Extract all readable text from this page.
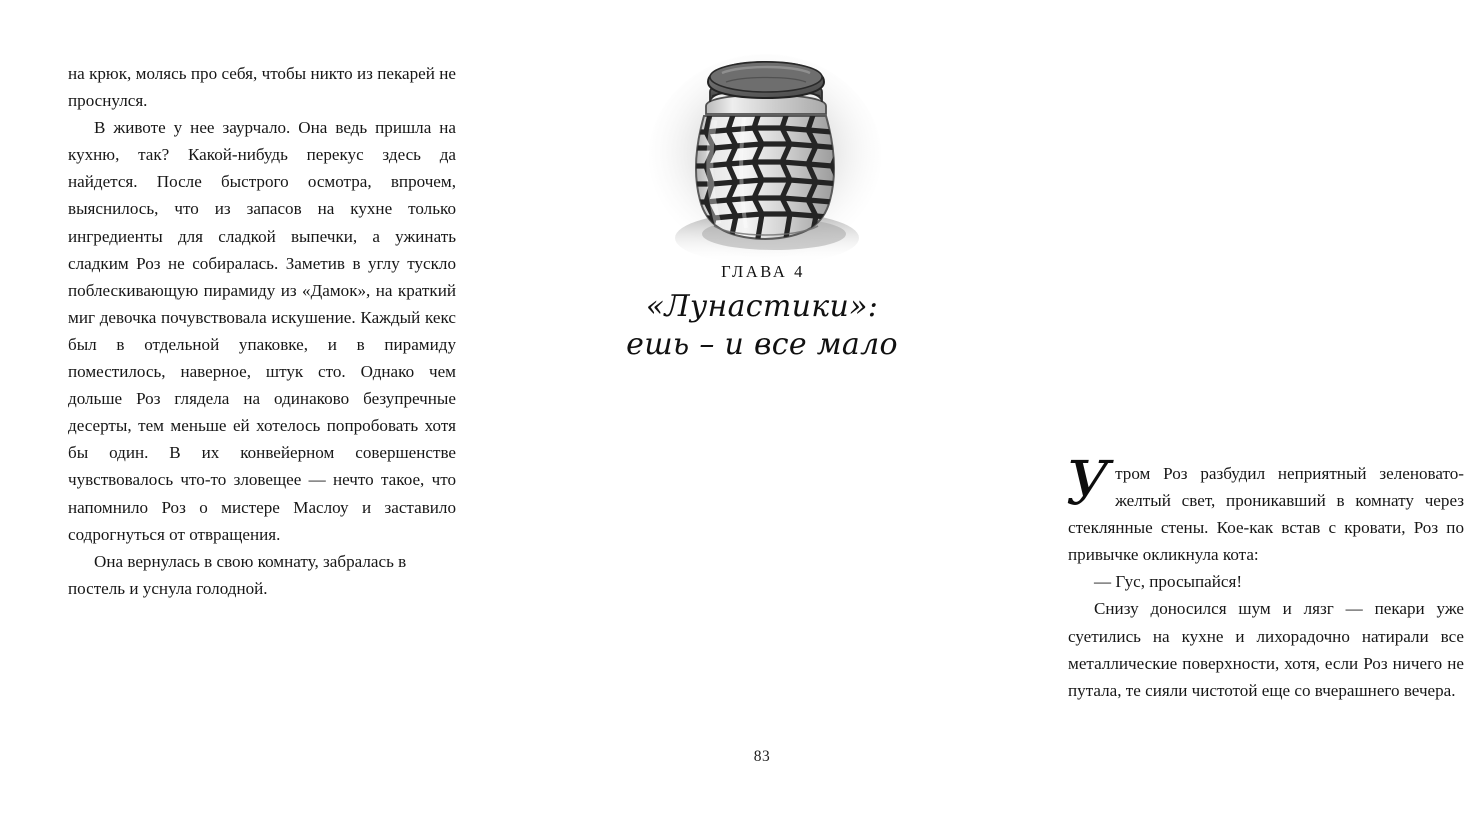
на крюк, молясь про себя, чтобы никто из пекарей не проснулся.

В животе у нее заурчало. Она ведь пришла на кухню, так? Какой-нибудь перекус здесь да найдется. После быстрого осмотра, впрочем, выяснилось, что из запасов на кухне только ингредиенты для сладкой выпечки, а ужинать сладким Роз не собиралась. Заметив в углу тускло поблескивающую пирамиду из «Дамок», на краткий миг девочка почувствовала искушение. Каждый кекс был в отдельной упаковке, и в пирамиду поместилось, наверное, штук сто. Однако чем дольше Роз глядела на одинаково безупречные десерты, тем меньше ей хотелось попробовать хотя бы один. В их конвейерном совершенстве чувствовалось что-то зловещее — нечто такое, что напомнило Роз о мистере Маслоу и заставило содрогнуться от отвращения.

Она вернулась в свою комнату, забралась в постель и уснула голодной.

ГЛАВА 4
«Лунастики»:
ешь – и все мало

Утром Роз разбудил неприятный зеленовато-желтый свет, проникавший в комнату через стеклянные стены. Кое-как встав с кровати, Роз по привычке окликнула кота:

— Гус, просыпайся!

Снизу доносился шум и лязг — пекари уже суетились на кухне и лихорадочно натирали все металлические поверхности, хотя, если Роз ничего не путала, те сияли чистотой еще со вчерашнего вечера.

83
